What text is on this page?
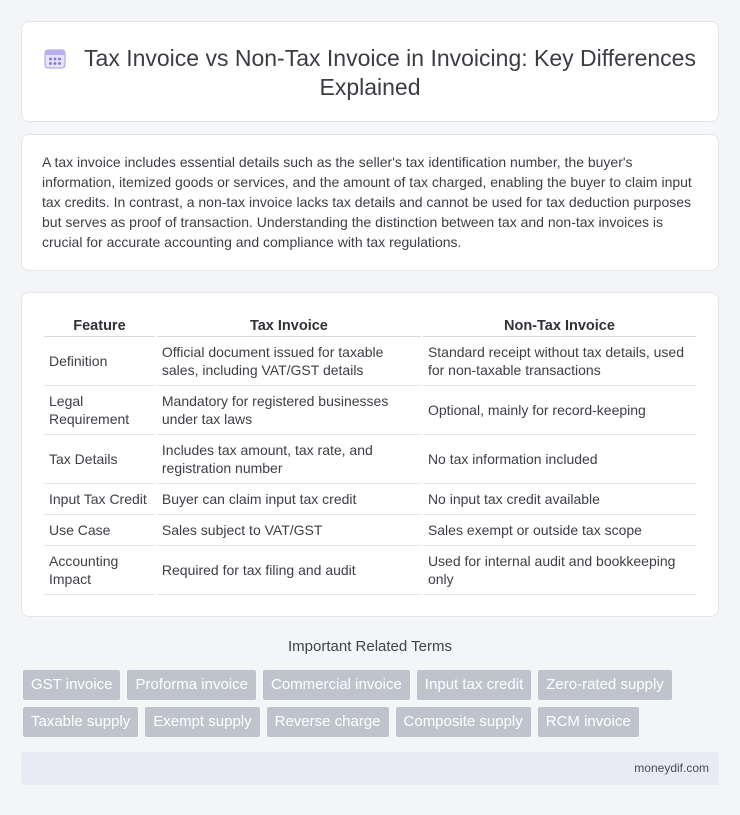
Tax Invoice vs Non-Tax Invoice in Invoicing: Key Differences Explained

A tax invoice includes essential details such as the seller's tax identification number, the buyer's information, itemized goods or services, and the amount of tax charged, enabling the buyer to claim input tax credits. In contrast, a non-tax invoice lacks tax details and cannot be used for tax deduction purposes but serves as proof of transaction. Understanding the distinction between tax and non-tax invoices is crucial for accurate accounting and compliance with tax regulations.

Feature	Tax Invoice	Non-Tax Invoice
Definition	Official document issued for taxable sales, including VAT/GST details	Standard receipt without tax details, used for non-taxable transactions
Legal Requirement	Mandatory for registered businesses under tax laws	Optional, mainly for record-keeping
Tax Details	Includes tax amount, tax rate, and registration number	No tax information included
Input Tax Credit	Buyer can claim input tax credit	No input tax credit available
Use Case	Sales subject to VAT/GST	Sales exempt or outside tax scope
Accounting Impact	Required for tax filing and audit	Used for internal audit and bookkeeping only
Important Related Terms
GST invoice	Proforma invoice	Commercial invoice	Input tax credit	Zero-rated supply
Taxable supply	Exempt supply	Reverse charge	Composite supply	RCM invoice
moneydif.com
